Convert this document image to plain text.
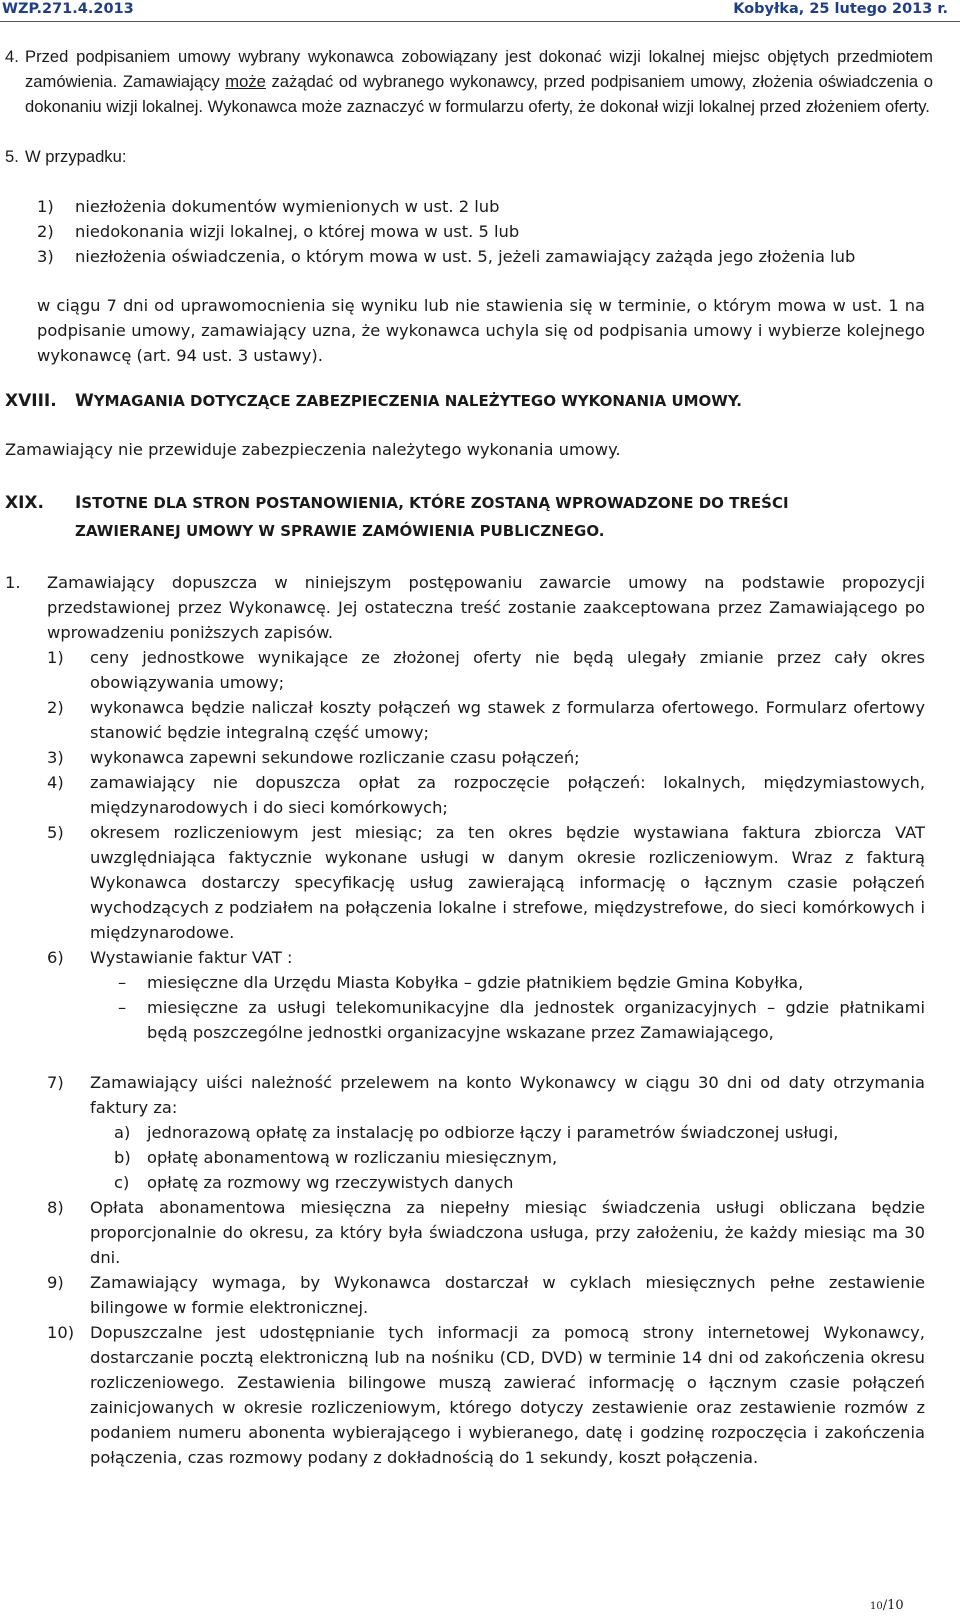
WZP.271.4.2013	Kobyłka, 25 lutego 2013 r.
4. Przed podpisaniem umowy wybrany wykonawca zobowiązany jest dokonać wizji lokalnej miejsc objętych przedmiotem zamówienia. Zamawiający może zażądać od wybranego wykonawcy, przed podpisaniem umowy, złożenia oświadczenia o dokonaniu wizji lokalnej. Wykonawca może zaznaczyć w formularzu oferty, że dokonał wizji lokalnej przed złożeniem oferty.
5. W przypadku:
1) niezłożenia dokumentów wymienionych w ust. 2 lub
2) niedokonania wizji lokalnej, o której mowa w ust. 5 lub
3) niezłożenia oświadczenia, o którym mowa w ust. 5, jeżeli zamawiający zażąda jego złożenia lub
w ciągu 7 dni od uprawomocnienia się wyniku lub nie stawienia się w terminie, o którym mowa w ust. 1 na podpisanie umowy, zamawiający uzna, że wykonawca uchyla się od podpisania umowy i wybierze kolejnego wykonawcę (art. 94 ust. 3 ustawy).
XVIII. WYMAGANIA DOTYCZĄCE ZABEZPIECZENIA NALEŻYTEGO WYKONANIA UMOWY.
Zamawiający nie przewiduje zabezpieczenia należytego wykonania umowy.
XIX. ISTOTNE DLA STRON POSTANOWIENIA, KTÓRE ZOSTANĄ WPROWADZONE DO TREŚCI
ZAWIERANEJ UMOWY W SPRAWIE ZAMÓWIENIA PUBLICZNEGO.
1. Zamawiający dopuszcza w niniejszym postępowaniu zawarcie umowy na podstawie propozycji przedstawionej przez Wykonawcę. Jej ostateczna treść zostanie zaakceptowana przez Zamawiającego po wprowadzeniu poniższych zapisów.
1) ceny jednostkowe wynikające ze złożonej oferty nie będą ulegały zmianie przez cały okres obowiązywania umowy;
2) wykonawca będzie naliczał koszty połączeń wg stawek z formularza ofertowego. Formularz ofertowy stanowić będzie integralną część umowy;
3) wykonawca zapewni sekundowe rozliczanie czasu połączeń;
4) zamawiający nie dopuszcza opłat za rozpoczęcie połączeń: lokalnych, międzymiastowych, międzynarodowych i do sieci komórkowych;
5) okresem rozliczeniowym jest miesiąc; za ten okres będzie wystawiana faktura zbiorcza VAT uwzględniająca faktycznie wykonane usługi w danym okresie rozliczeniowym. Wraz z fakturą Wykonawca dostarczy specyfikację usług zawierającą informację o łącznym czasie połączeń wychodzących z podziałem na połączenia lokalne i strefowe, międzystrefowe, do sieci komórkowych i międzynarodowe.
6) Wystawianie faktur VAT :
– miesięczne dla Urzędu Miasta Kobyłka – gdzie płatnikiem będzie Gmina Kobyłka,
– miesięczne za usługi telekomunikacyjne dla jednostek organizacyjnych – gdzie płatnikami będą poszczególne jednostki organizacyjne wskazane przez Zamawiającego,
7) Zamawiający uiści należność przelewem na konto Wykonawcy w ciągu 30 dni od daty otrzymania faktury za:
a) jednorazową opłatę za instalację po odbiorze łączy i parametrów świadczonej usługi,
b) opłatę abonamentową w rozliczaniu miesięcznym,
c) opłatę za rozmowy wg rzeczywistych danych
8) Opłata abonamentowa miesięczna za niepełny miesiąc świadczenia usługi obliczana będzie proporcjonalnie do okresu, za który była świadczona usługa, przy założeniu, że każdy miesiąc ma 30 dni.
9) Zamawiający wymaga, by Wykonawca dostarczał w cyklach miesięcznych pełne zestawienie bilingowe w formie elektronicznej.
10) Dopuszczalne jest udostępnianie tych informacji za pomocą strony internetowej Wykonawcy, dostarczanie pocztą elektroniczną lub na nośniku (CD, DVD) w terminie 14 dni od zakończenia okresu rozliczeniowego. Zestawienia bilingowe muszą zawierać informację o łącznym czasie połączeń zainicjowanych w okresie rozliczeniowym, którego dotyczy zestawienie oraz zestawienie rozmów z podaniem numeru abonenta wybierającego i wybieranego, datę i godzinę rozpoczęcia i zakończenia połączenia, czas rozmowy podany z dokładnością do 1 sekundy, koszt połączenia.
10/10
